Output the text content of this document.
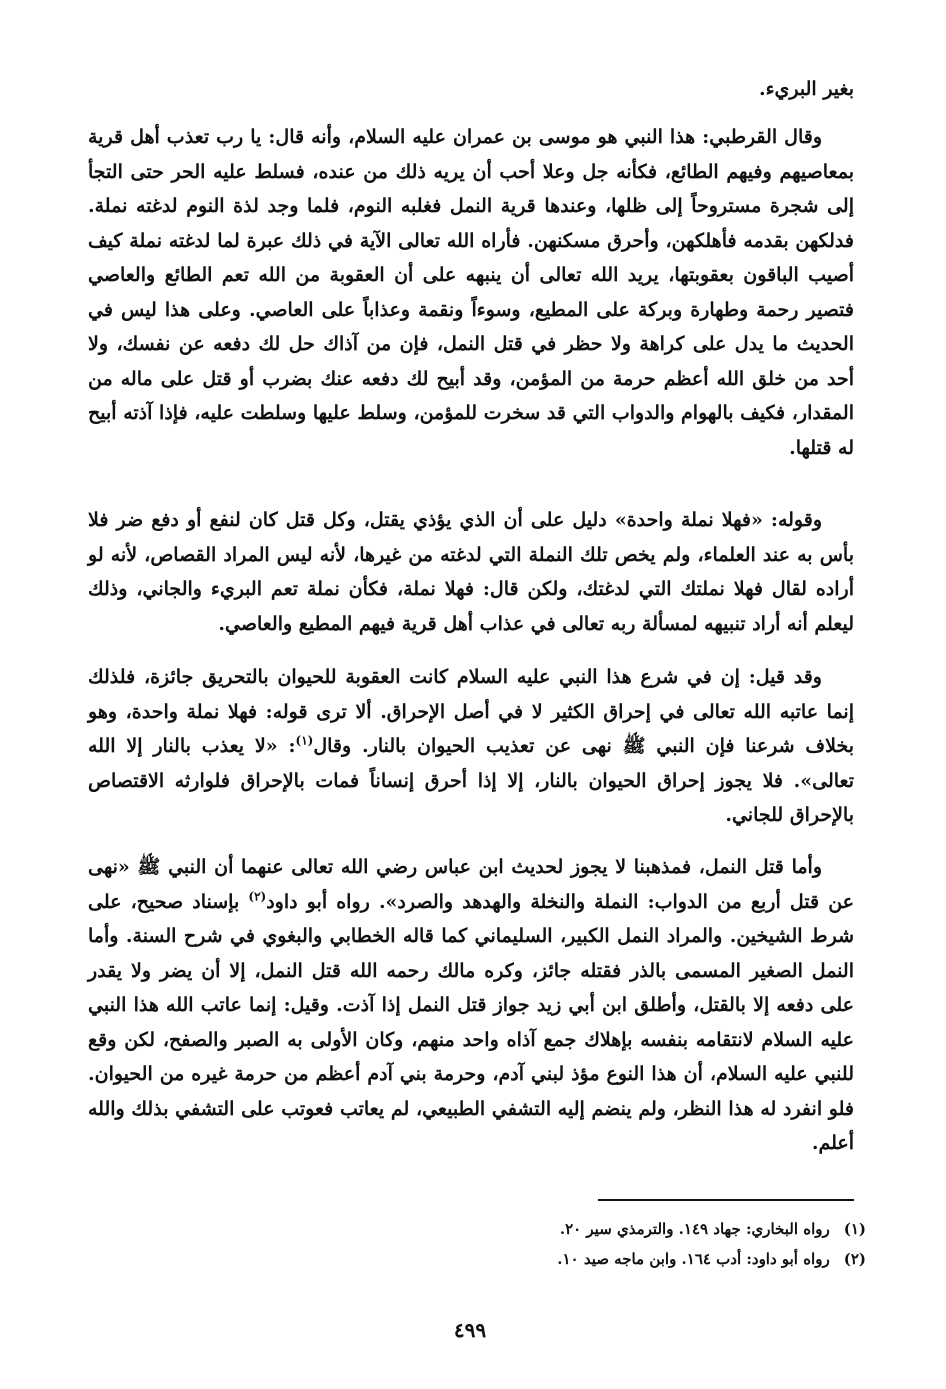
بغير البريء.

وقال القرطبي: هذا النبي هو موسى بن عمران عليه السلام، وأنه قال: يا رب تعذب أهل قرية بمعاصيهم وفيهم الطائع، فكأنه جل وعلا أحب أن يريه ذلك من عنده، فسلط عليه الحر حتى التجأ إلى شجرة مستروحاً إلى ظلها، وعندها قرية النمل فغلبه النوم، فلما وجد لذة النوم لدغته نملة. فدلكهن بقدمه فأهلكهن، وأحرق مسكنهن. فأراه الله تعالى الآية في ذلك عبرة لما لدغته نملة كيف أصيب الباقون بعقوبتها، يريد الله تعالى أن ينبهه على أن العقوبة من الله تعم الطائع والعاصي فتصير رحمة وطهارة وبركة على المطيع، وسوءاً ونقمة وعذاباً على العاصي. وعلى هذا ليس في الحديث ما يدل على كراهة ولا حظر في قتل النمل، فإن من آذاك حل لك دفعه عن نفسك، ولا أحد من خلق الله أعظم حرمة من المؤمن، وقد أبيح لك دفعه عنك بضرب أو قتل على ماله من المقدار، فكيف بالهوام والدواب التي قد سخرت للمؤمن، وسلط عليها وسلطت عليه، فإذا آذته أبيح له قتلها.

وقوله: «فهلا نملة واحدة» دليل على أن الذي يؤذي يقتل، وكل قتل كان لنفع أو دفع ضر فلا بأس به عند العلماء، ولم يخص تلك النملة التي لدغته من غيرها، لأنه ليس المراد القصاص، لأنه لو أراده لقال فهلا نملتك التي لدغتك، ولكن قال: فهلا نملة، فكأن نملة تعم البريء والجاني، وذلك ليعلم أنه أراد تنبيهه لمسألة ربه تعالى في عذاب أهل قرية فيهم المطيع والعاصي.

وقد قيل: إن في شرع هذا النبي عليه السلام كانت العقوبة للحيوان بالتحريق جائزة، فلذلك إنما عاتبه الله تعالى في إحراق الكثير لا في أصل الإحراق. ألا ترى قوله: فهلا نملة واحدة، وهو بخلاف شرعنا فإن النبي ﷺ نهى عن تعذيب الحيوان بالنار. وقال$^{(١)}$: «لا يعذب بالنار إلا الله تعالى». فلا يجوز إحراق الحيوان بالنار، إلا إذا أحرق إنساناً فمات بالإحراق فلوارثه الاقتصاص بالإحراق للجاني.

وأما قتل النمل، فمذهبنا لا يجوز لحديث ابن عباس رضي الله تعالى عنهما أن النبي ﷺ «نهى عن قتل أربع من الدواب: النملة والنخلة والهدهد والصرد». رواه أبو داود$^{(٢)}$ بإسناد صحيح، على شرط الشيخين. والمراد النمل الكبير، السليماني كما قاله الخطابي والبغوي في شرح السنة. وأما النمل الصغير المسمى بالذر فقتله جائز، وكره مالك رحمه الله قتل النمل، إلا أن يضر ولا يقدر على دفعه إلا بالقتل، وأطلق ابن أبي زيد جواز قتل النمل إذا آذت. وقيل: إنما عاتب الله هذا النبي عليه السلام لانتقامه بنفسه بإهلاك جمع آذاه واحد منهم، وكان الأولى به الصبر والصفح، لكن وقع للنبي عليه السلام، أن هذا النوع مؤذ لبني آدم، وحرمة بني آدم أعظم من حرمة غيره من الحيوان. فلو انفرد له هذا النظر، ولم ينضم إليه التشفي الطبيعي، لم يعاتب فعوتب على التشفي بذلك والله أعلم.

(١)رواه البخاري: جهاد ١٤٩. والترمذي سير ٢٠.

(٢)رواه أبو داود: أدب ١٦٤. وابن ماجه صيد ١٠.

٤٩٩
